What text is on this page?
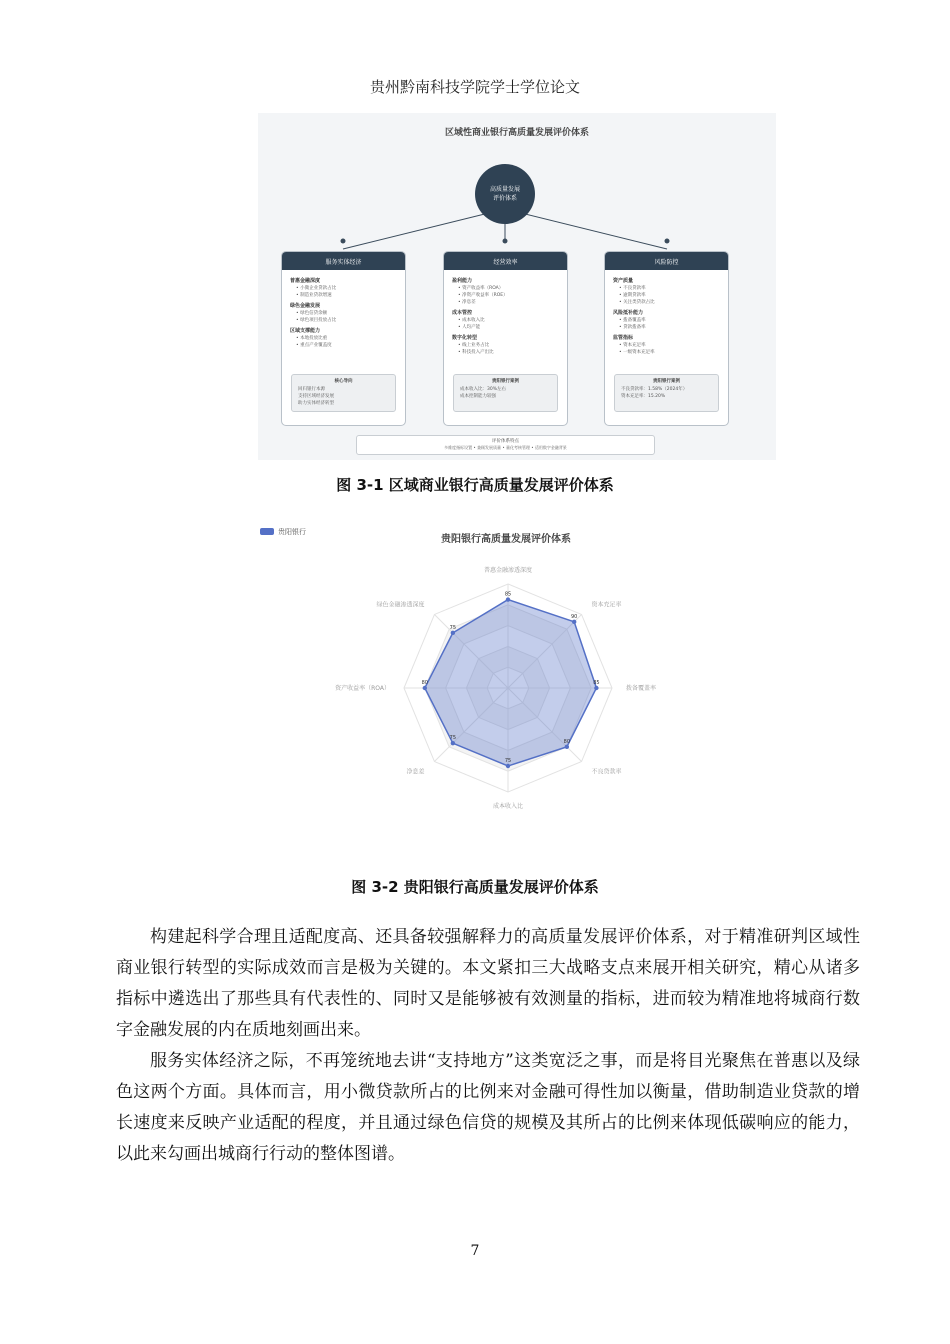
贵州黔南科技学院学士学位论文
区域性商业银行高质量发展评价体系
高质量发展
评价体系
服务实体经济
普惠金融深度
• 小微企业贷款占比
• 制造业贷款增速
绿色金融发展
• 绿色信贷余额
• 绿色项目投放占比
区域支撑能力
• 本地投放比重
• 重点产业覆盖度
核心导向
回归银行本源
支持区域经济发展
助力实体经济转型
经营效率
盈利能力
• 资产收益率（ROA）
• 净资产收益率（ROE）
• 净息差
成本管控
• 成本收入比
• 人均产能
数字化转型
• 线上业务占比
• 科技投入产出比
贵阳银行案例
成本收入比：30%左右
成本控制能力较强
风险防控
资产质量
• 不良贷款率
• 逾期贷款率
• 关注类贷款占比
风险抵补能力
• 拨备覆盖率
• 贷款拨备率
监管指标
• 资本充足率
• 一级资本充足率
贵阳银行案例
不良贷款率：1.58%（2024年）
资本充足率：15.20%
评价体系特点
多维度指标设置 • 兼顾发展质量 • 量化考核管理 • 适用数字金融背景
图 3-1 区域商业银行高质量发展评价体系
85
90
85
80
75
75
80
75
普惠金融渗透深度
资本充足率
拨备覆盖率
不良贷款率
成本收入比
净息差
资产收益率（ROA）
绿色金融渗透深度
贵阳银行
贵阳银行高质量发展评价体系
图 3-2 贵阳银行高质量发展评价体系

构建起科学合理且适配度高、还具备较强解释力的高质量发展评价体系，对于精准研判区域性商业银行转型的实际成效而言是极为关键的。本文紧扣三大战略支点来展开相关研究，精心从诸多指标中遴选出了那些具有代表性的、同时又是能够被有效测量的指标，进而较为精准地将城商行数字金融发展的内在质地刻画出来。

服务实体经济之际，不再笼统地去讲“支持地方”这类宽泛之事，而是将目光聚焦在普惠以及绿色这两个方面。具体而言，用小微贷款所占的比例来对金融可得性加以衡量，借助制造业贷款的增长速度来反映产业适配的程度，并且通过绿色信贷的规模及其所占的比例来体现低碳响应的能力，以此来勾画出城商行行动的整体图谱。

7
